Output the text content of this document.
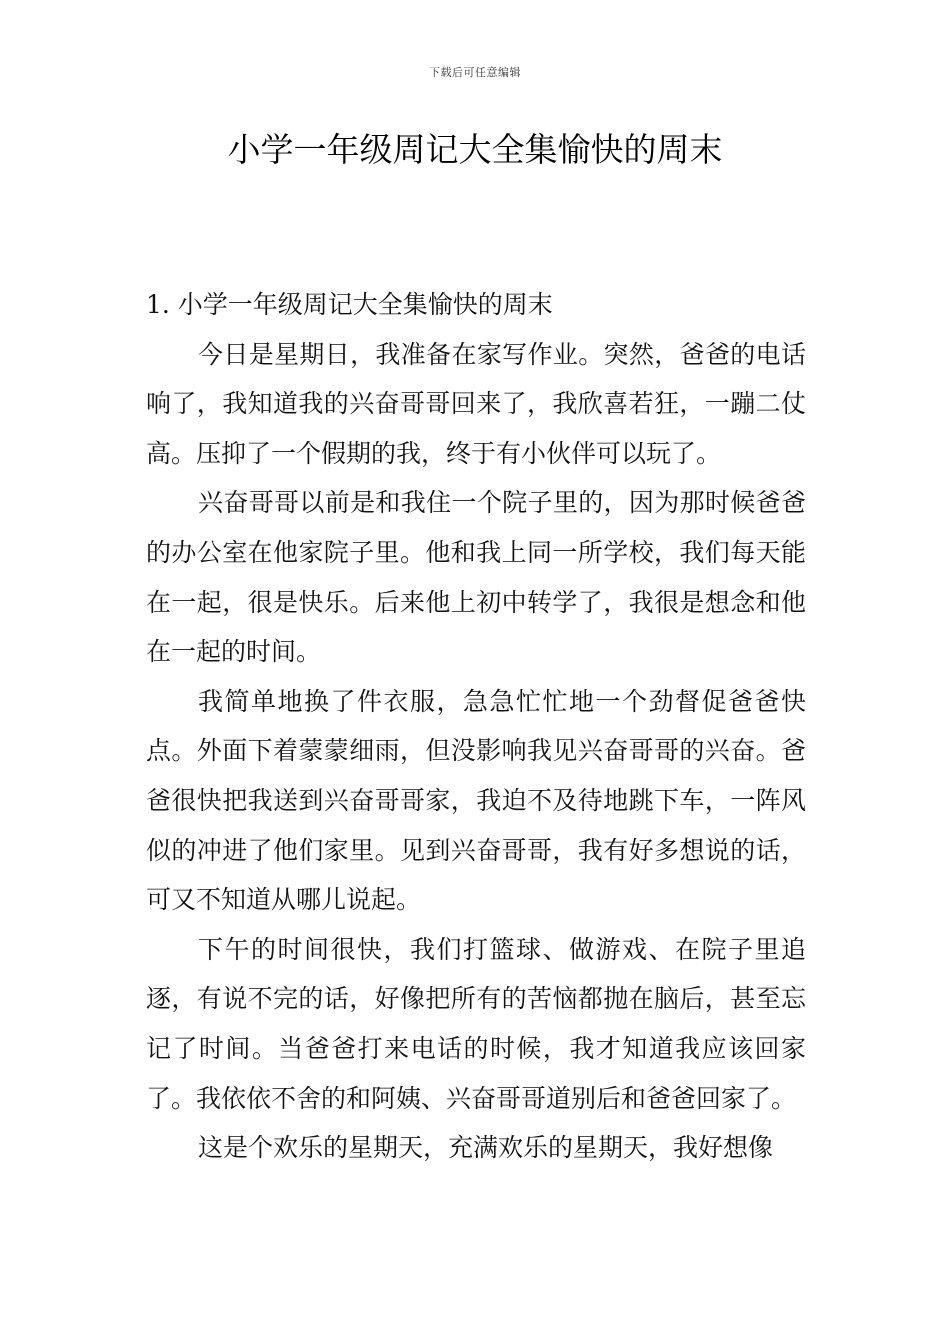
下载后可任意编辑
小学一年级周记大全集愉快的周末

1. 小学一年级周记大全集愉快的周末

今日是星期日，我准备在家写作业。突然，爸爸的电话响了，我知道我的兴奋哥哥回来了，我欣喜若狂，一蹦二仗高。压抑了一个假期的我，终于有小伙伴可以玩了。

兴奋哥哥以前是和我住一个院子里的，因为那时候爸爸的办公室在他家院子里。他和我上同一所学校，我们每天能在一起，很是快乐。后来他上初中转学了，我很是想念和他在一起的时间。

我简单地换了件衣服，急急忙忙地一个劲督促爸爸快点。外面下着蒙蒙细雨，但没影响我见兴奋哥哥的兴奋。爸爸很快把我送到兴奋哥哥家，我迫不及待地跳下车，一阵风似的冲进了他们家里。见到兴奋哥哥，我有好多想说的话，可又不知道从哪儿说起。

下午的时间很快，我们打篮球、做游戏、在院子里追逐，有说不完的话，好像把所有的苦恼都抛在脑后，甚至忘记了时间。当爸爸打来电话的时候，我才知道我应该回家了。我依依不舍的和阿姨、兴奋哥哥道别后和爸爸回家了。

这是个欢乐的星期天，充满欢乐的星期天，我好想像
